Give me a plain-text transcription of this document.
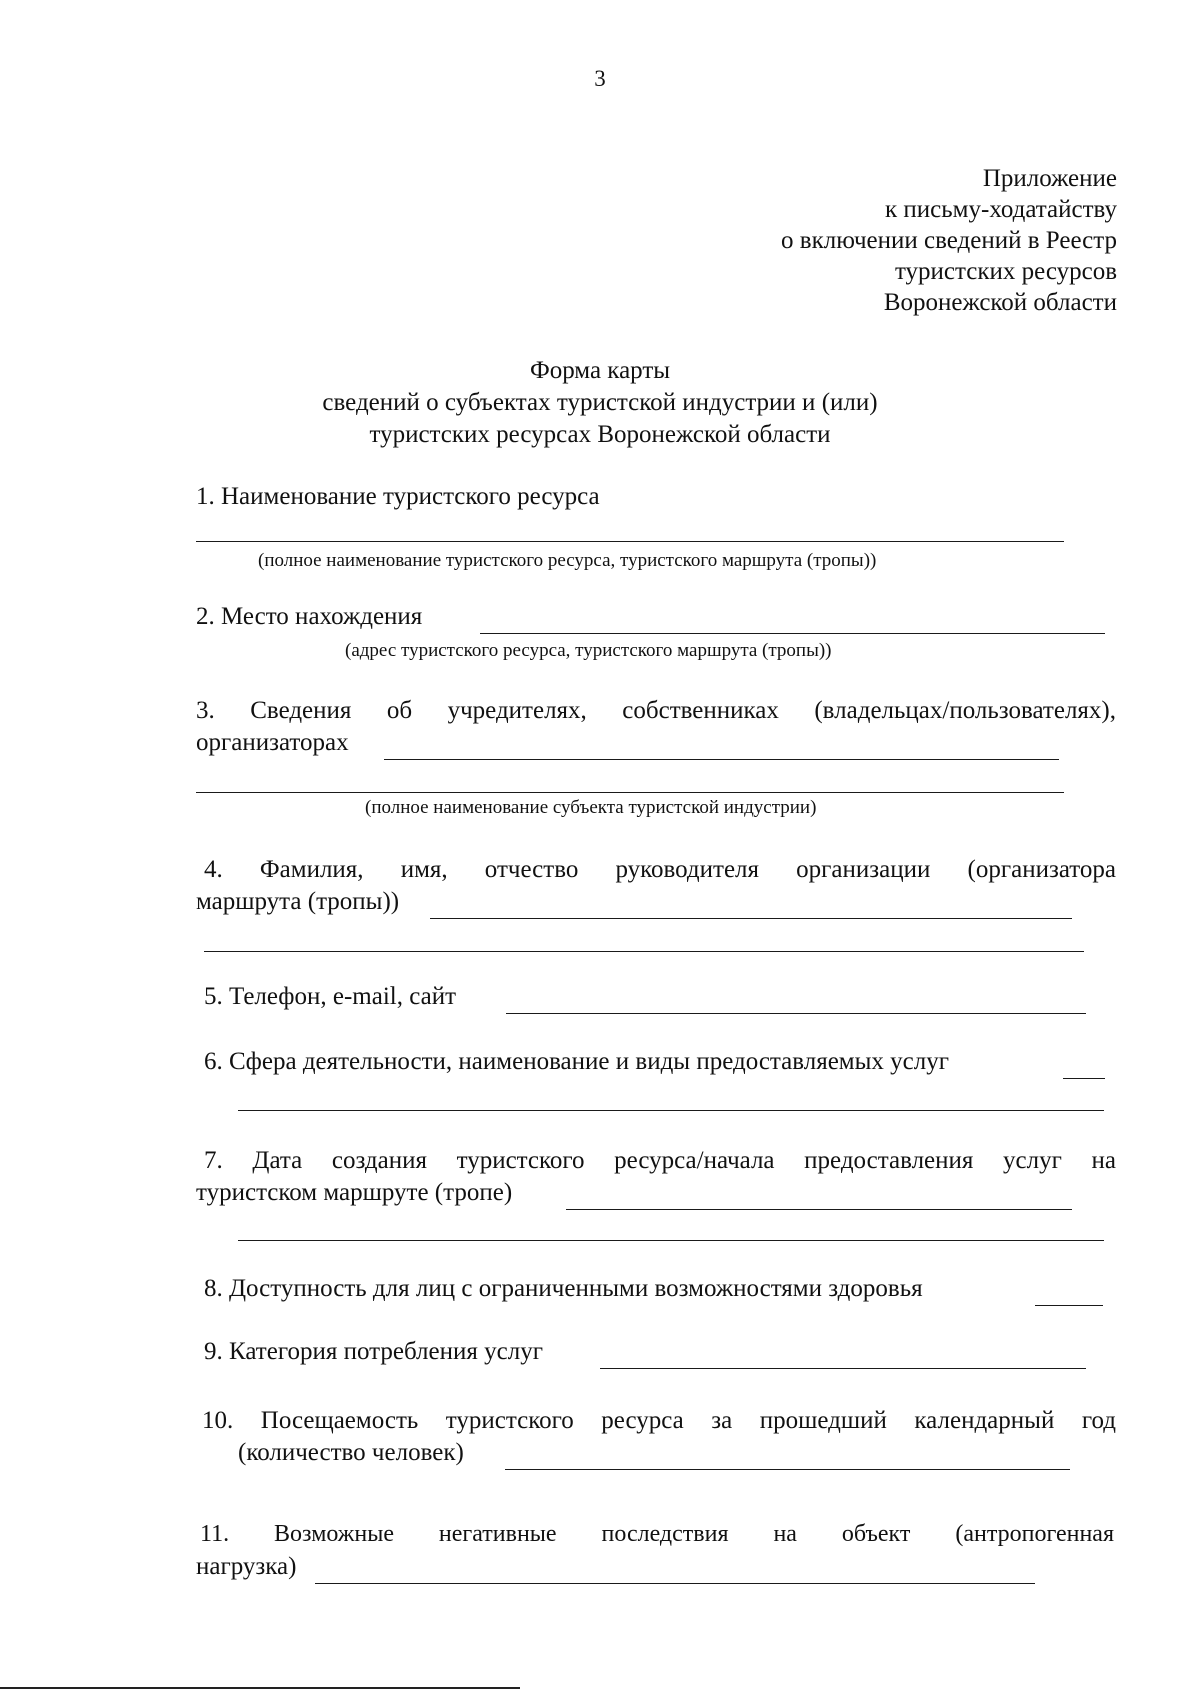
3
Приложение
к письму-ходатайству
о включении сведений в Реестр
туристских ресурсов
Воронежской области
Форма карты
сведений о субъектах туристской индустрии и (или)
туристских ресурсах Воронежской области
1. Наименование туристского ресурса
(полное наименование туристского ресурса, туристского маршрута (тропы))
2. Место нахождения
(адрес туристского ресурса, туристского маршрута (тропы))
3. Сведения об учредителях, собственниках (владельцах/пользователях),
организаторах
(полное наименование субъекта туристской индустрии)
4. Фамилия, имя, отчество руководителя организации (организатора
маршрута (тропы))
5. Телефон, e-mail, сайт
6. Сфера деятельности, наименование и виды предоставляемых услуг
7. Дата создания туристского ресурса/начала предоставления услуг на
туристском маршруте (тропе)
8. Доступность для лиц с ограниченными возможностями здоровья
9. Категория потребления услуг
10. Посещаемость туристского ресурса за прошедший календарный год
(количество человек)
11. Возможные негативные последствия на объект (антропогенная
нагрузка)
